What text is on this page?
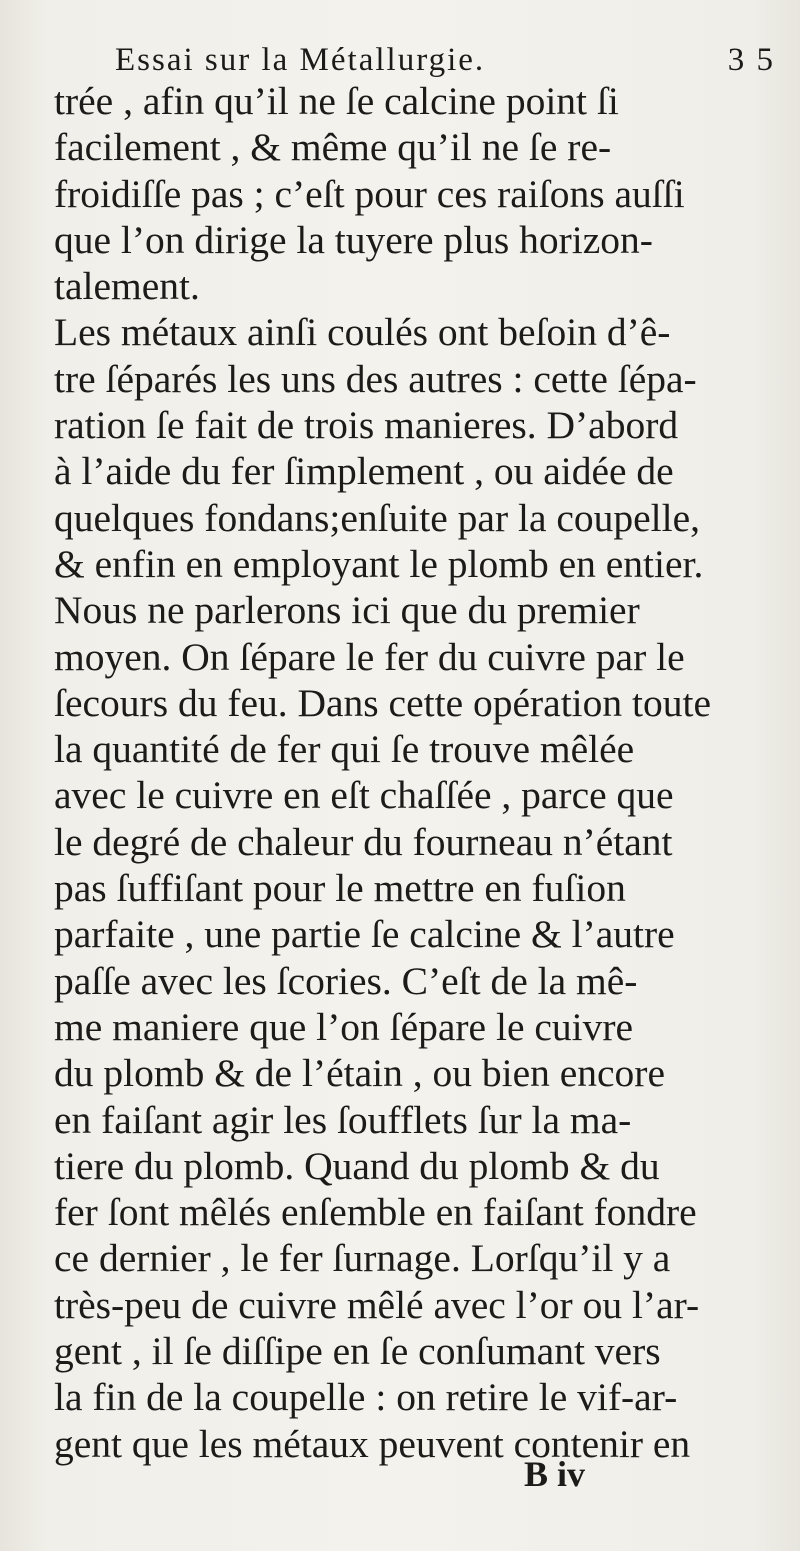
Essai sur la Métallurgie.	3 5
trée , afin qu’il ne ſe calcine point ſi
facilement , & même qu’il ne ſe re-
froidiſſe pas ; c’eſt pour ces raiſons auſſi
que l’on dirige la tuyere plus horizon-
talement.
Les métaux ainſi coulés ont beſoin d’ê-
tre ſéparés les uns des autres : cette ſépa-
ration ſe fait de trois manieres. D’abord
à l’aide du fer ſimplement , ou aidée de
quelques fondans;enſuite par la coupelle,
& enfin en employant le plomb en entier.
Nous ne parlerons ici que du premier
moyen. On ſépare le fer du cuivre par le
ſecours du feu. Dans cette opération toute
la quantité de fer qui ſe trouve mêlée
avec le cuivre en eſt chaſſée , parce que
le degré de chaleur du fourneau n’étant
pas ſuffiſant pour le mettre en fuſion
parfaite , une partie ſe calcine & l’autre
paſſe avec les ſcories. C’eſt de la mê-
me maniere que l’on ſépare le cuivre
du plomb & de l’étain , ou bien encore
en faiſant agir les ſoufflets ſur la ma-
tiere du plomb. Quand du plomb & du
fer ſont mêlés enſemble en faiſant fondre
ce dernier , le fer ſurnage. Lorſqu’il y a
très-peu de cuivre mêlé avec l’or ou l’ar-
gent , il ſe diſſipe en ſe conſumant vers
la fin de la coupelle : on retire le vif-ar-
gent que les métaux peuvent contenir en
B iv
